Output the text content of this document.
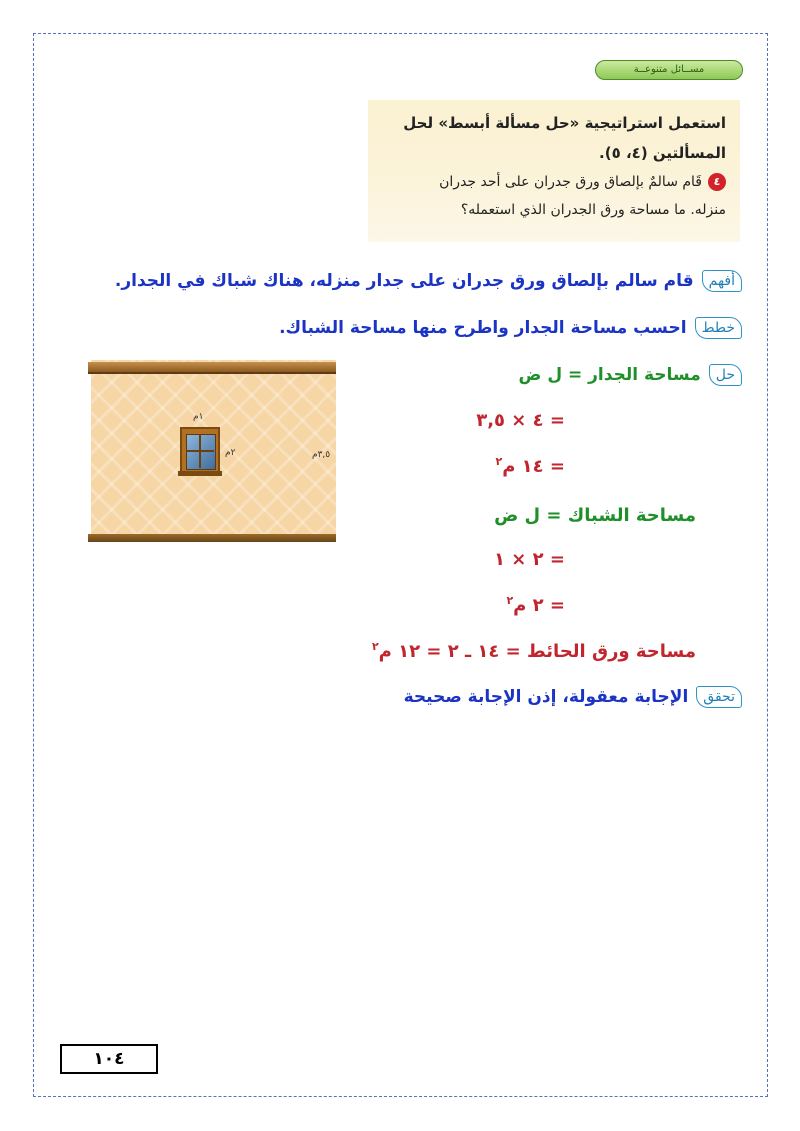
مســائل متنوعــة
استعمل استراتيجية «حل مسألة أبسط» لحل
المسألتين (٤، ٥).
٤قَام سالمٌ بإلصاق ورق جدران على أحد جدران
منزله. ما مساحة ورق الجدران الذي استعمله؟
أفهمقام سالم بإلصاق ورق جدران على جدار منزله، هناك شباك في الجدار.
خططاحسب مساحة الجدار واطرح منها مساحة الشباك.
حلمساحة الجدار = ل ض
= ٤ × ٣,٥
= ١٤ م$^٢$
مساحة الشباك = ل ض
= ٢ × ١
= ٢ م$^٢$
مساحة ورق الحائط = ١٤ ـ ٢ = ١٢ م$^٢$
تحققالإجابة معقولة، إذن الإجابة صحيحة
١م
٢م	٣,٥م
١٠٤
